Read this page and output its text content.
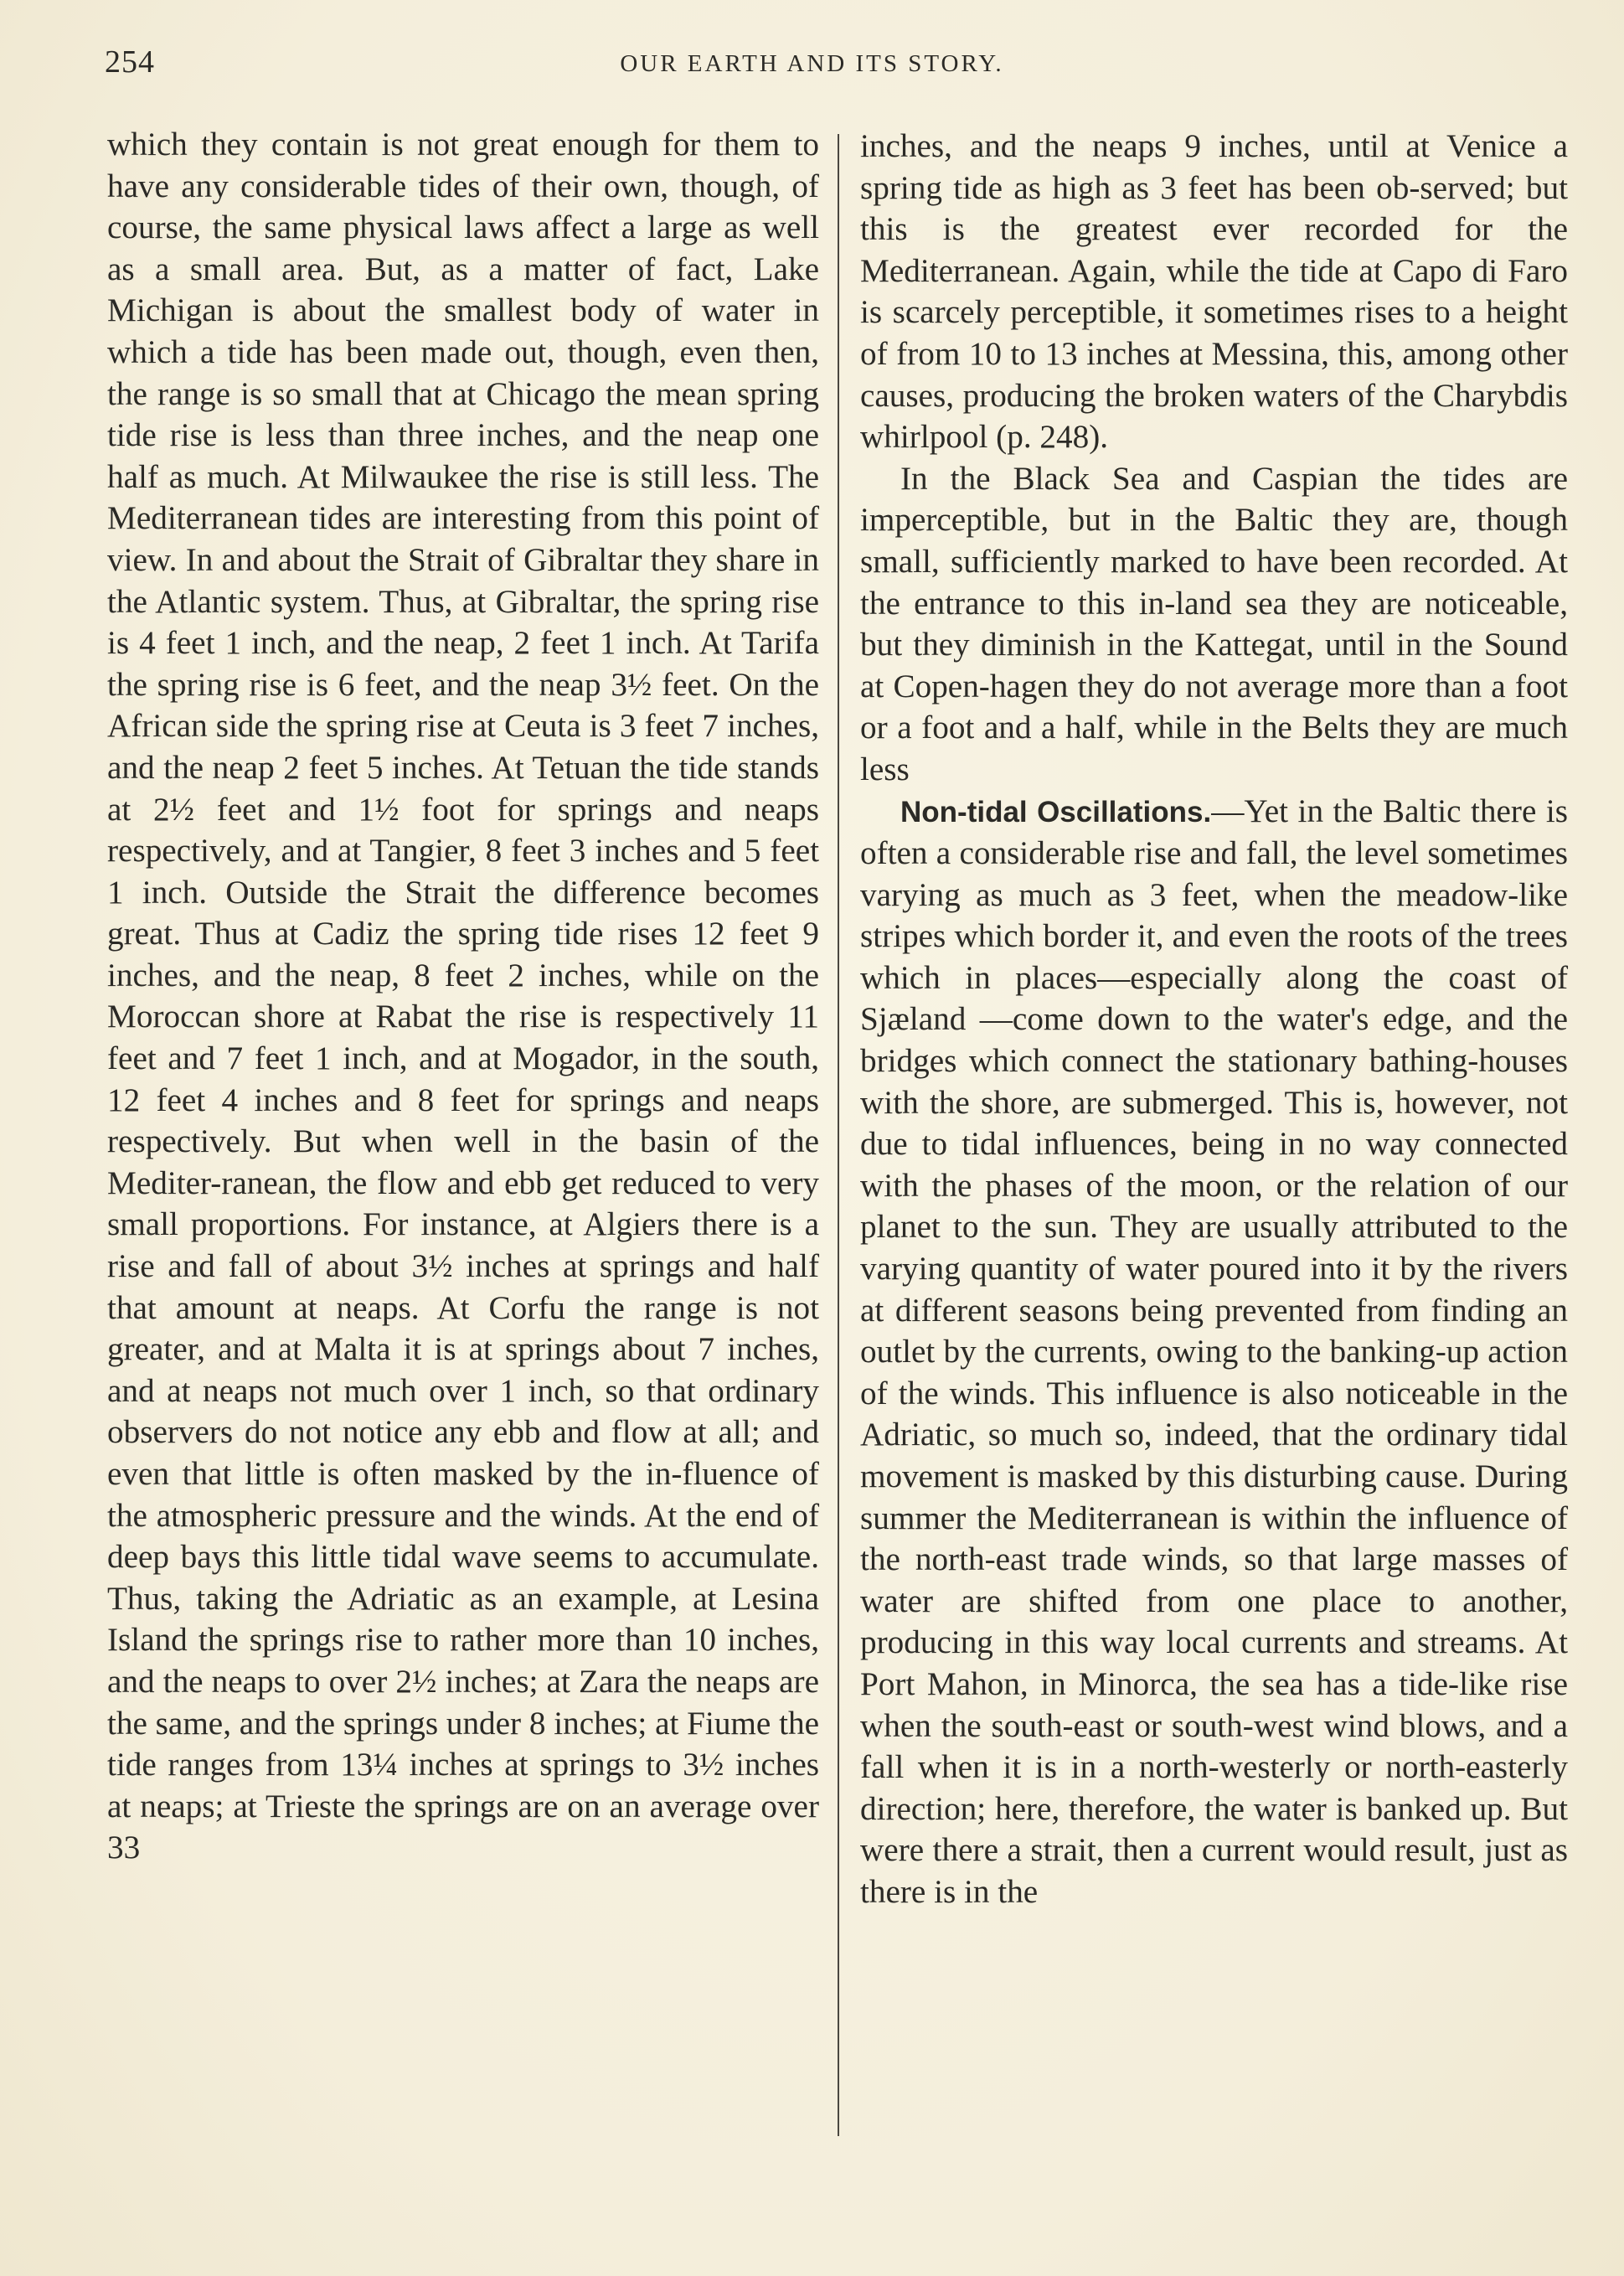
254	OUR EARTH AND ITS STORY.

which they contain is not great enough for them to have any considerable tides of their own, though, of course, the same physical laws affect a large as well as a small area. But, as a matter of fact, Lake Michigan is about the smallest body of water in which a tide has been made out, though, even then, the range is so small that at Chicago the mean spring tide rise is less than three inches, and the neap one half as much. At Milwaukee the rise is still less. The Mediterranean tides are interesting from this point of view. In and about the Strait of Gibraltar they share in the Atlantic system. Thus, at Gibraltar, the spring rise is 4 feet 1 inch, and the neap, 2 feet 1 inch. At Tarifa the spring rise is 6 feet, and the neap 3½ feet. On the African side the spring rise at Ceuta is 3 feet 7 inches, and the neap 2 feet 5 inches. At Tetuan the tide stands at 2½ feet and 1½ foot for springs and neaps respectively, and at Tangier, 8 feet 3 inches and 5 feet 1 inch. Outside the Strait the difference becomes great. Thus at Cadiz the spring tide rises 12 feet 9 inches, and the neap, 8 feet 2 inches, while on the Moroccan shore at Rabat the rise is respectively 11 feet and 7 feet 1 inch, and at Mogador, in the south, 12 feet 4 inches and 8 feet for springs and neaps respectively. But when well in the basin of the Mediter-ranean, the flow and ebb get reduced to very small proportions. For instance, at Algiers there is a rise and fall of about 3½ inches at springs and half that amount at neaps. At Corfu the range is not greater, and at Malta it is at springs about 7 inches, and at neaps not much over 1 inch, so that ordinary observers do not notice any ebb and flow at all; and even that little is often masked by the in-fluence of the atmospheric pressure and the winds. At the end of deep bays this little tidal wave seems to accumulate. Thus, taking the Adriatic as an example, at Lesina Island the springs rise to rather more than 10 inches, and the neaps to over 2½ inches; at Zara the neaps are the same, and the springs under 8 inches; at Fiume the tide ranges from 13¼ inches at springs to 3½ inches at neaps; at Trieste the springs are on an average over 33

inches, and the neaps 9 inches, until at Venice a spring tide as high as 3 feet has been ob-served; but this is the greatest ever recorded for the Mediterranean. Again, while the tide at Capo di Faro is scarcely perceptible, it sometimes rises to a height of from 10 to 13 inches at Messina, this, among other causes, producing the broken waters of the Charybdis whirlpool (p. 248).

In the Black Sea and Caspian the tides are imperceptible, but in the Baltic they are, though small, sufficiently marked to have been recorded. At the entrance to this in-land sea they are noticeable, but they diminish in the Kattegat, until in the Sound at Copen-hagen they do not average more than a foot or a foot and a half, while in the Belts they are much less

Non-tidal Oscillations.—Yet in the Baltic there is often a considerable rise and fall, the level sometimes varying as much as 3 feet, when the meadow-like stripes which border it, and even the roots of the trees which in places—especially along the coast of Sjæland —come down to the water's edge, and the bridges which connect the stationary bathing-houses with the shore, are submerged. This is, however, not due to tidal influences, being in no way connected with the phases of the moon, or the relation of our planet to the sun. They are usually attributed to the varying quantity of water poured into it by the rivers at different seasons being prevented from finding an outlet by the currents, owing to the banking-up action of the winds. This influence is also noticeable in the Adriatic, so much so, indeed, that the ordinary tidal movement is masked by this disturbing cause. During summer the Mediterranean is within the influence of the north-east trade winds, so that large masses of water are shifted from one place to another, producing in this way local currents and streams. At Port Mahon, in Minorca, the sea has a tide-like rise when the south-east or south-west wind blows, and a fall when it is in a north-westerly or north-easterly direction; here, therefore, the water is banked up. But were there a strait, then a current would result, just as there is in the
